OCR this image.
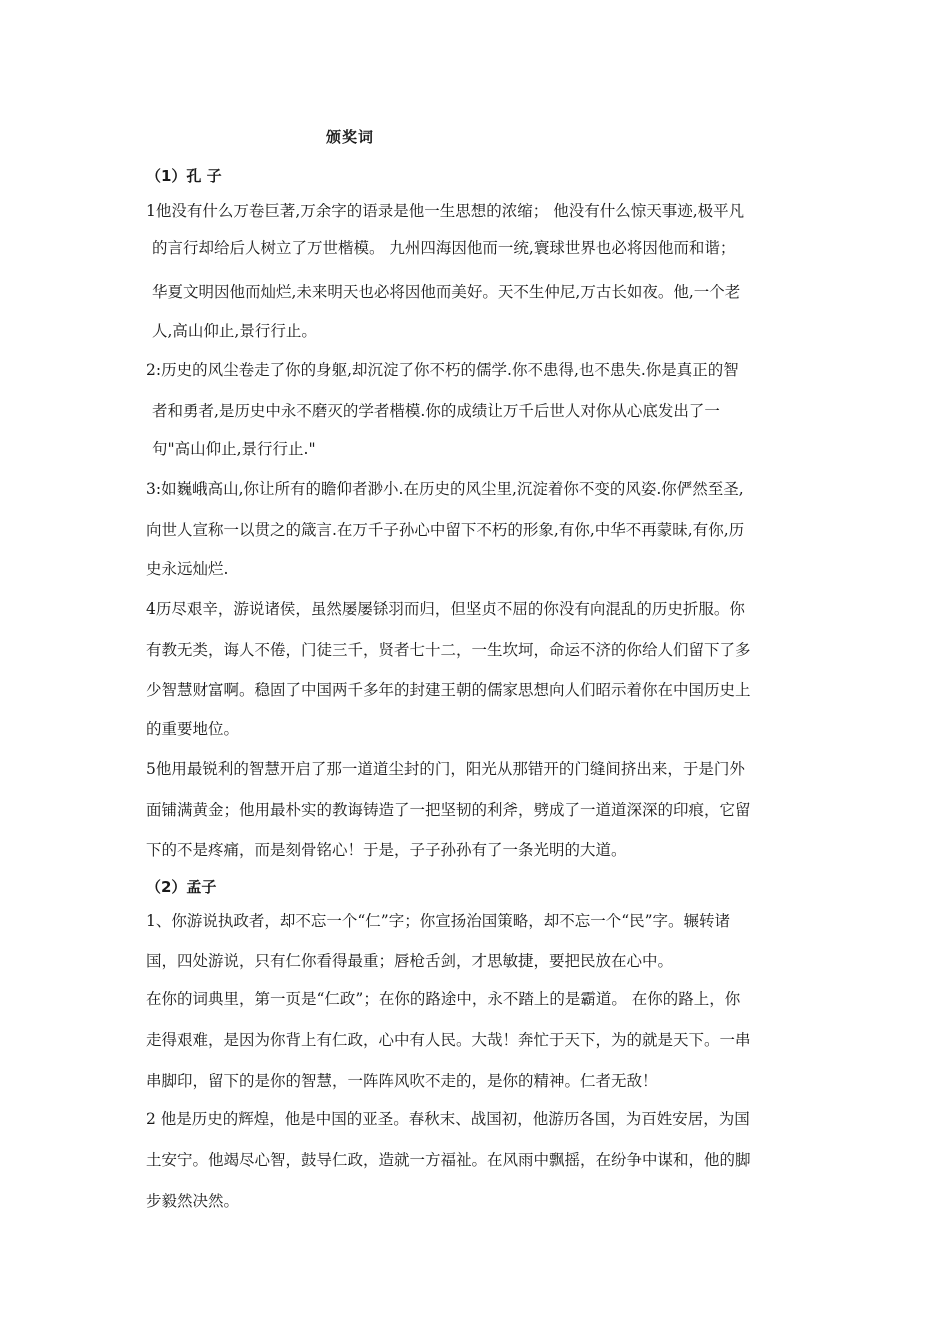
颁奖词
（1）孔 子
1他没有什么万卷巨著,万余字的语录是他一生思想的浓缩； 他没有什么惊天事迹,极平凡
的言行却给后人树立了万世楷模。 九州四海因他而一统,寰球世界也必将因他而和谐；
华夏文明因他而灿烂,未来明天也必将因他而美好。天不生仲尼,万古长如夜。他,一个老
人,高山仰止,景行行止。
2:历史的风尘卷走了你的身躯,却沉淀了你不朽的儒学.你不患得,也不患失.你是真正的智
者和勇者,是历史中永不磨灭的学者楷模.你的成绩让万千后世人对你从心底发出了一
句"高山仰止,景行行止."
3:如巍峨高山,你让所有的瞻仰者渺小.在历史的风尘里,沉淀着你不变的风姿.你俨然至圣,
向世人宣称一以贯之的箴言.在万千子孙心中留下不朽的形象,有你,中华不再蒙昧,有你,历
史永远灿烂.
4历尽艰辛，游说诸侯，虽然屡屡铩羽而归，但坚贞不屈的你没有向混乱的历史折服。你
有教无类，诲人不倦，门徒三千，贤者七十二，一生坎坷，命运不济的你给人们留下了多
少智慧财富啊。稳固了中国两千多年的封建王朝的儒家思想向人们昭示着你在中国历史上
的重要地位。
5他用最锐利的智慧开启了那一道道尘封的门，阳光从那错开的门缝间挤出来，于是门外
面铺满黄金；他用最朴实的教诲铸造了一把坚韧的利斧，劈成了一道道深深的印痕，它留
下的不是疼痛，而是刻骨铭心！于是，子子孙孙有了一条光明的大道。
（2）孟子
1、你游说执政者，却不忘一个“仁”字；你宣扬治国策略，却不忘一个“民”字。辗转诸
国，四处游说，只有仁你看得最重；唇枪舌剑，才思敏捷，要把民放在心中。
在你的词典里，第一页是“仁政”；在你的路途中，永不踏上的是霸道。 在你的路上，你
走得艰难，是因为你背上有仁政，心中有人民。大哉！奔忙于天下，为的就是天下。一串
串脚印，留下的是你的智慧，一阵阵风吹不走的，是你的精神。仁者无敌！
2 他是历史的辉煌，他是中国的亚圣。春秋末、战国初，他游历各国，为百姓安居，为国
土安宁。他竭尽心智，鼓导仁政，造就一方福祉。在风雨中飘摇，在纷争中谋和，他的脚
步毅然决然。
